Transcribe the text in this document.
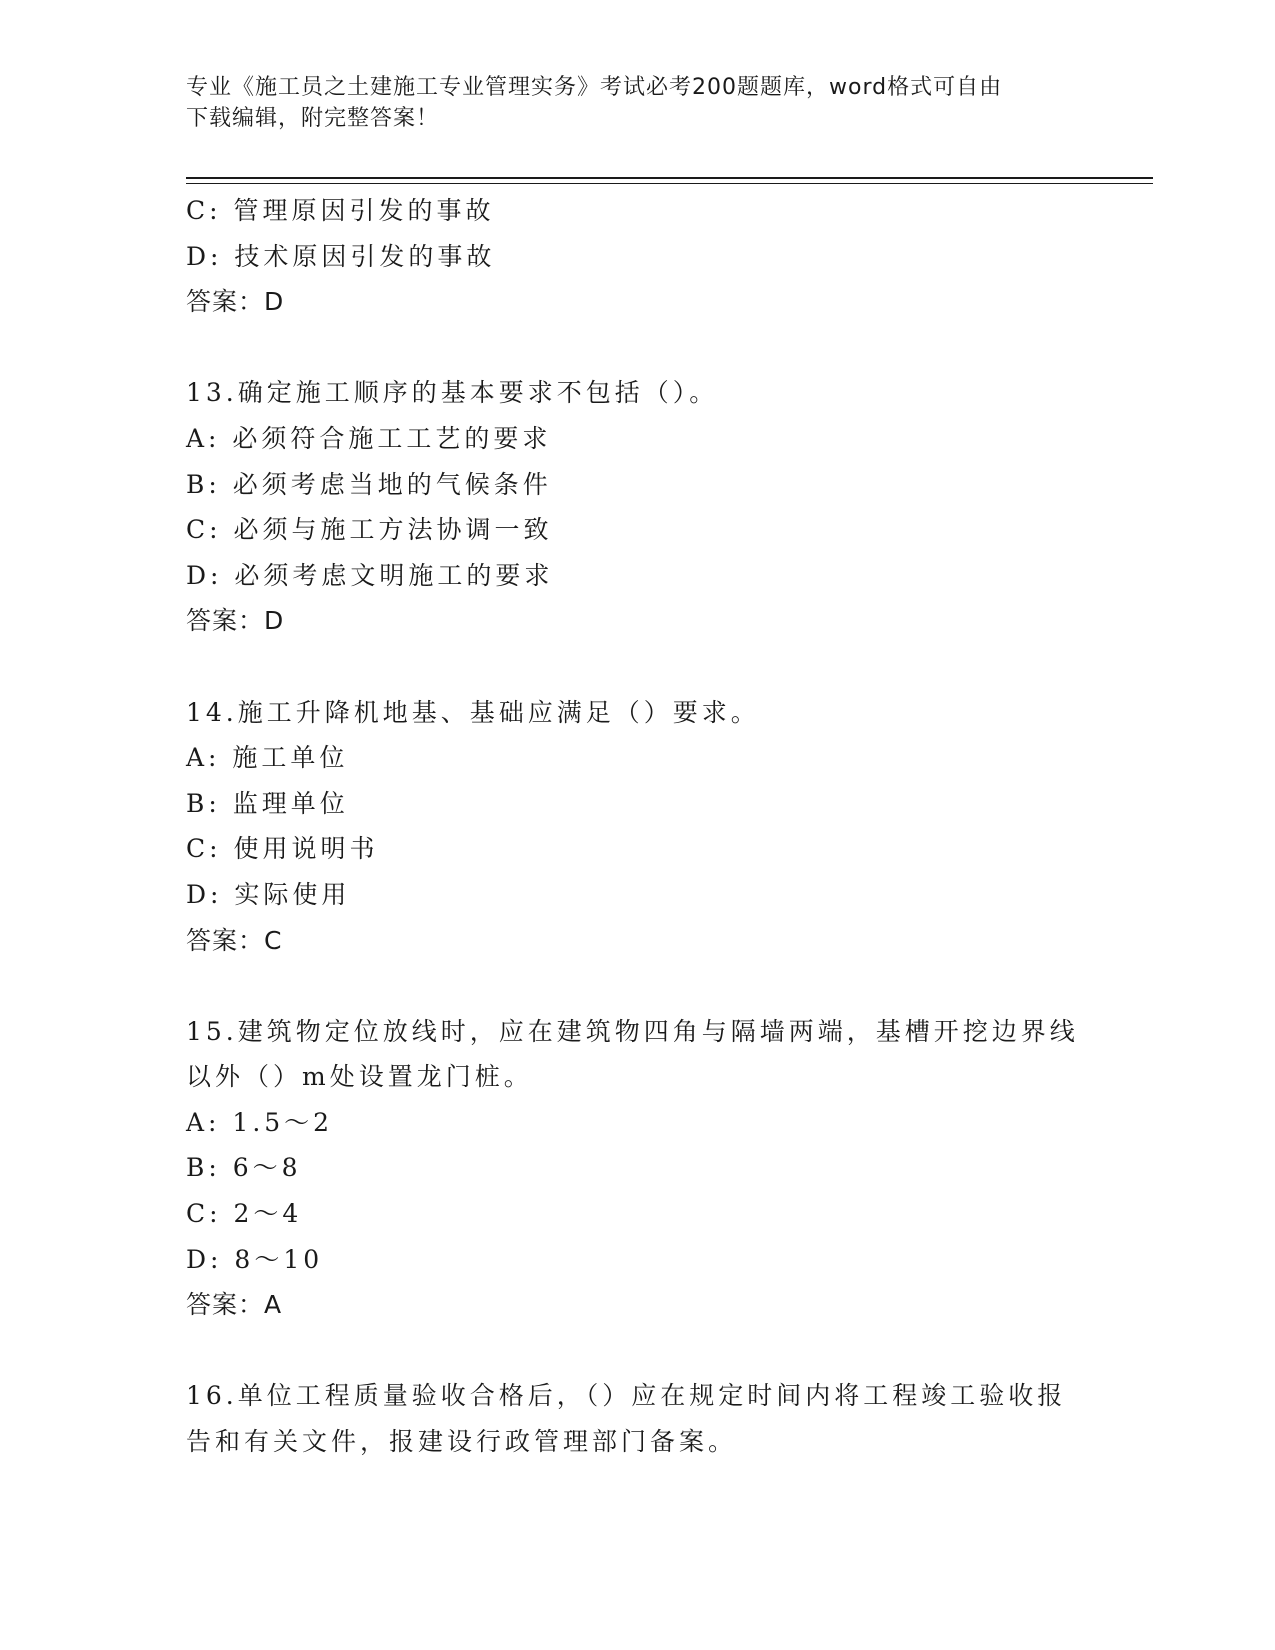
专业《施工员之土建施工专业管理实务》考试必考200题题库，word格式可自由
下载编辑，附完整答案！
C: 管理原因引发的事故
D: 技术原因引发的事故
答案：D
13.确定施工顺序的基本要求不包括（）。
A: 必须符合施工工艺的要求
B: 必须考虑当地的气候条件
C: 必须与施工方法协调一致
D: 必须考虑文明施工的要求
答案：D
14.施工升降机地基、基础应满足（）要求。
A: 施工单位
B: 监理单位
C: 使用说明书
D: 实际使用
答案：C
15.建筑物定位放线时，应在建筑物四角与隔墙两端，基槽开挖边界线
以外（）m处设置龙门桩。
A: 1.5～2
B: 6～8
C: 2～4
D: 8～10
答案：A
16.单位工程质量验收合格后，（）应在规定时间内将工程竣工验收报
告和有关文件，报建设行政管理部门备案。
